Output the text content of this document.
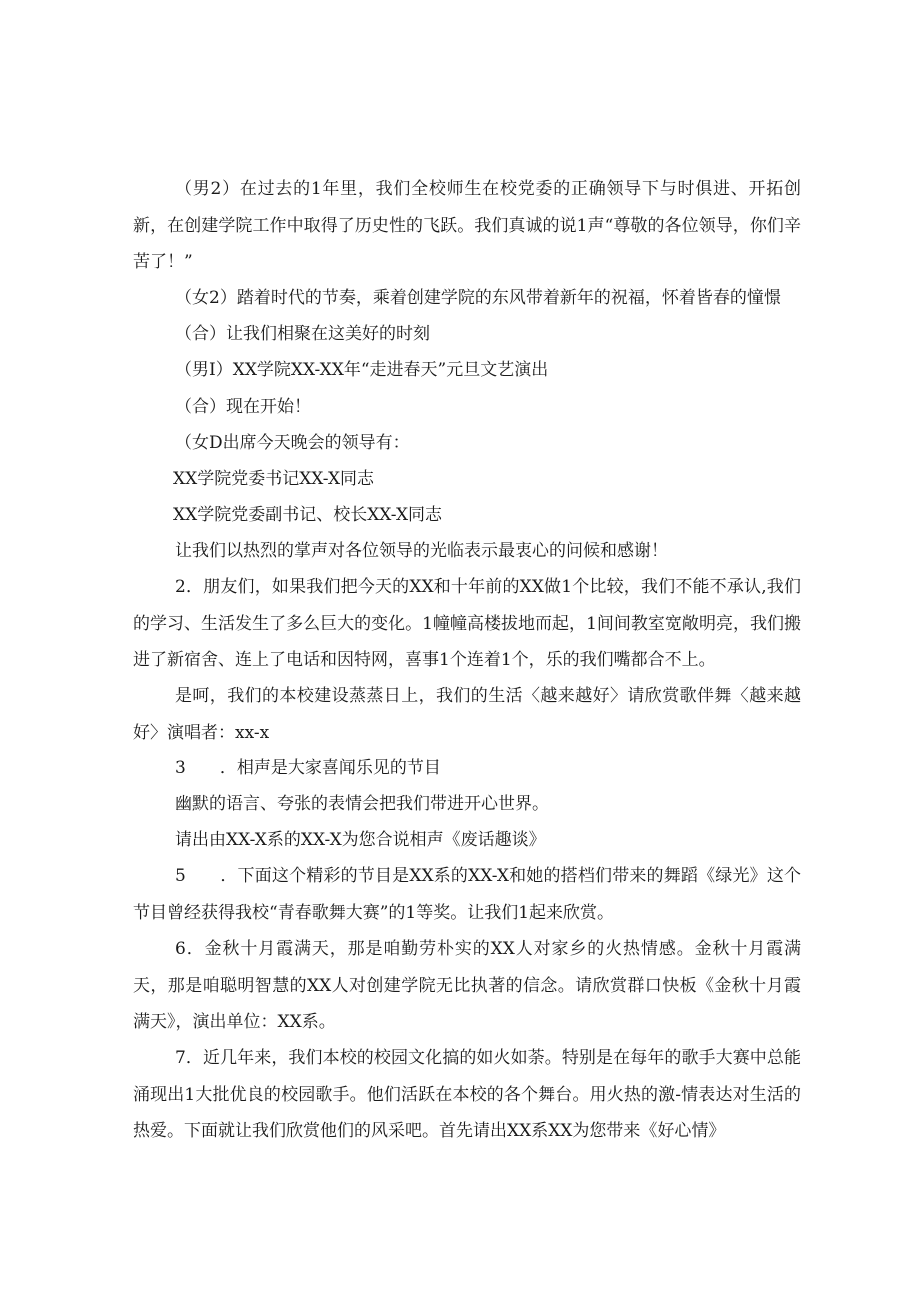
（男2）在过去的1年里，我们全校师生在校党委的正确领导下与时俱进、开拓创新，在创建学院工作中取得了历史性的飞跃。我们真诚的说1声“尊敬的各位领导，你们辛苦了！”

（女2）踏着时代的节奏，乘着创建学院的东风带着新年的祝福，怀着皆春的憧憬

（合）让我们相聚在这美好的时刻

（男I）XX学院XX-XX年“走进春天”元旦文艺演出

（合）现在开始！

（女D出席今天晚会的领导有：

XX学院党委书记XX-X同志

XX学院党委副书记、校长XX-X同志

让我们以热烈的掌声对各位领导的光临表示最衷心的问候和感谢！

2．朋友们，如果我们把今天的XX和十年前的XX做1个比较，我们不能不承认,我们的学习、生活发生了多么巨大的变化。1幢幢高楼拔地而起，1间间教室宽敞明亮，我们搬进了新宿舍、连上了电话和因特网，喜事1个连着1个，乐的我们嘴都合不上。

是呵，我们的本校建设蒸蒸日上，我们的生活〈越来越好〉请欣赏歌伴舞〈越来越好〉演唱者：xx-x

3　　．相声是大家喜闻乐见的节目

幽默的语言、夸张的表情会把我们带进开心世界。

请出由XX-X系的XX-X为您合说相声《废话趣谈》

5　　．下面这个精彩的节目是XX系的XX-X和她的搭档们带来的舞蹈《绿光》这个节目曾经获得我校“青春歌舞大赛”的1等奖。让我们1起来欣赏。

6．金秋十月霞满天，那是咱勤劳朴实的XX人对家乡的火热情感。金秋十月霞满天，那是咱聪明智慧的XX人对创建学院无比执著的信念。请欣赏群口快板《金秋十月霞满天》，演出单位：XX系。

7．近几年来，我们本校的校园文化搞的如火如荼。特别是在每年的歌手大赛中总能涌现出1大批优良的校园歌手。他们活跃在本校的各个舞台。用火热的激-情表达对生活的热爱。下面就让我们欣赏他们的风采吧。首先请出XX系XX为您带来《好心情》
